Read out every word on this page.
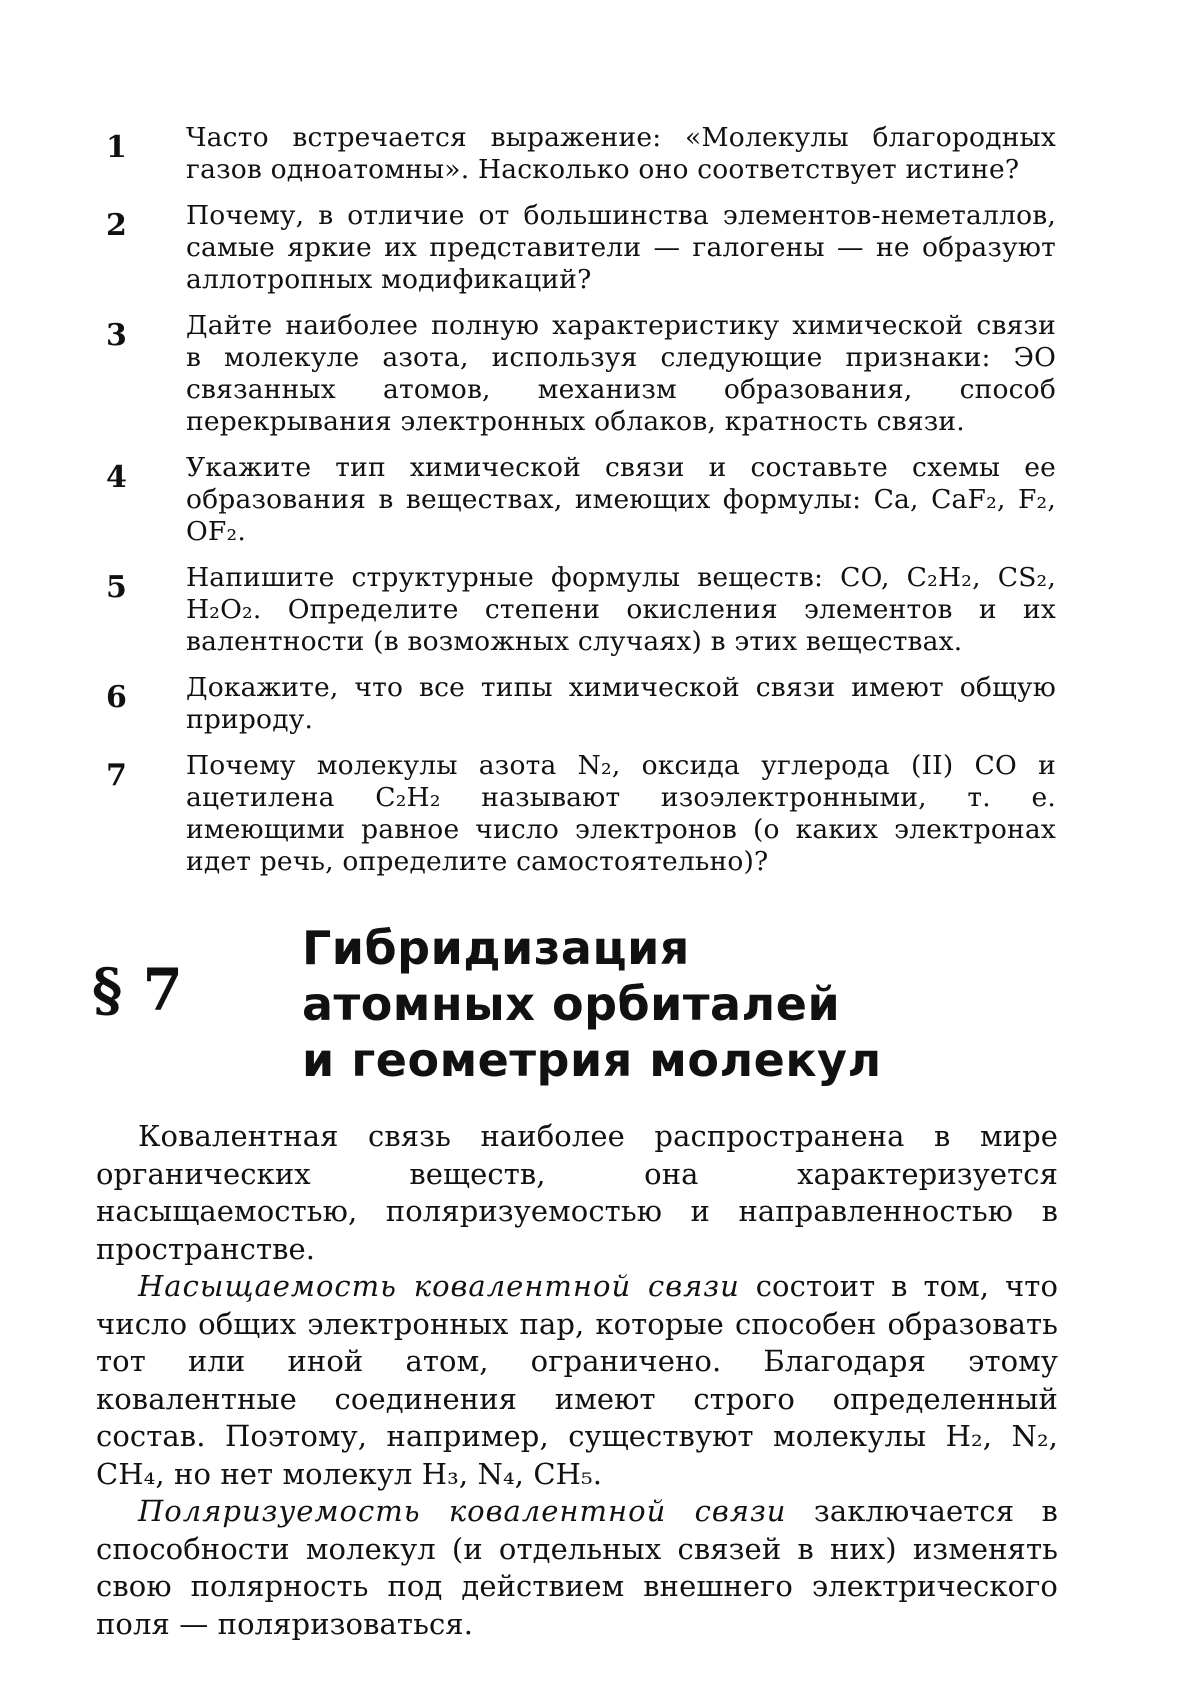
1	Часто встречается выражение: «Молекулы благородных газов одноатомны». Насколько оно соответствует истине?
2	Почему, в отличие от большинства элементов-неметаллов, самые яркие их представители — галогены — не образуют аллотропных модификаций?
3	Дайте наиболее полную характеристику химической связи в молекуле азота, используя следующие признаки: ЭО связанных атомов, механизм образования, способ перекрывания электронных облаков, кратность связи.
4	Укажите тип химической связи и составьте схемы ее образования в веществах, имеющих формулы: Ca, CaF₂, F₂, OF₂.
5	Напишите структурные формулы веществ: CO, C₂H₂, CS₂, H₂O₂. Определите степени окисления элементов и их валентности (в возможных случаях) в этих веществах.
6	Докажите, что все типы химической связи имеют общую природу.
7	Почему молекулы азота N₂, оксида углерода (II) CO и ацетилена C₂H₂ называют изоэлектронными, т. е. имеющими равное число электронов (о каких электронах идет речь, определите самостоятельно)?
§ 7
Гибридизация
атомных орбиталей
и геометрия молекул

Ковалентная связь наиболее распространена в мире органических веществ, она характеризуется насыщаемостью, поляризуемостью и направленностью в пространстве.

Насыщаемость ковалентной связи состоит в том, что число общих электронных пар, которые способен образовать тот или иной атом, ограничено. Благодаря этому ковалентные соединения имеют строго определенный состав. Поэтому, например, существуют молекулы H₂, N₂, CH₄, но нет молекул H₃, N₄, CH₅.

Поляризуемость ковалентной связи заключается в способности молекул (и отдельных связей в них) изменять свою полярность под действием внешнего электрического поля — поляризоваться.
